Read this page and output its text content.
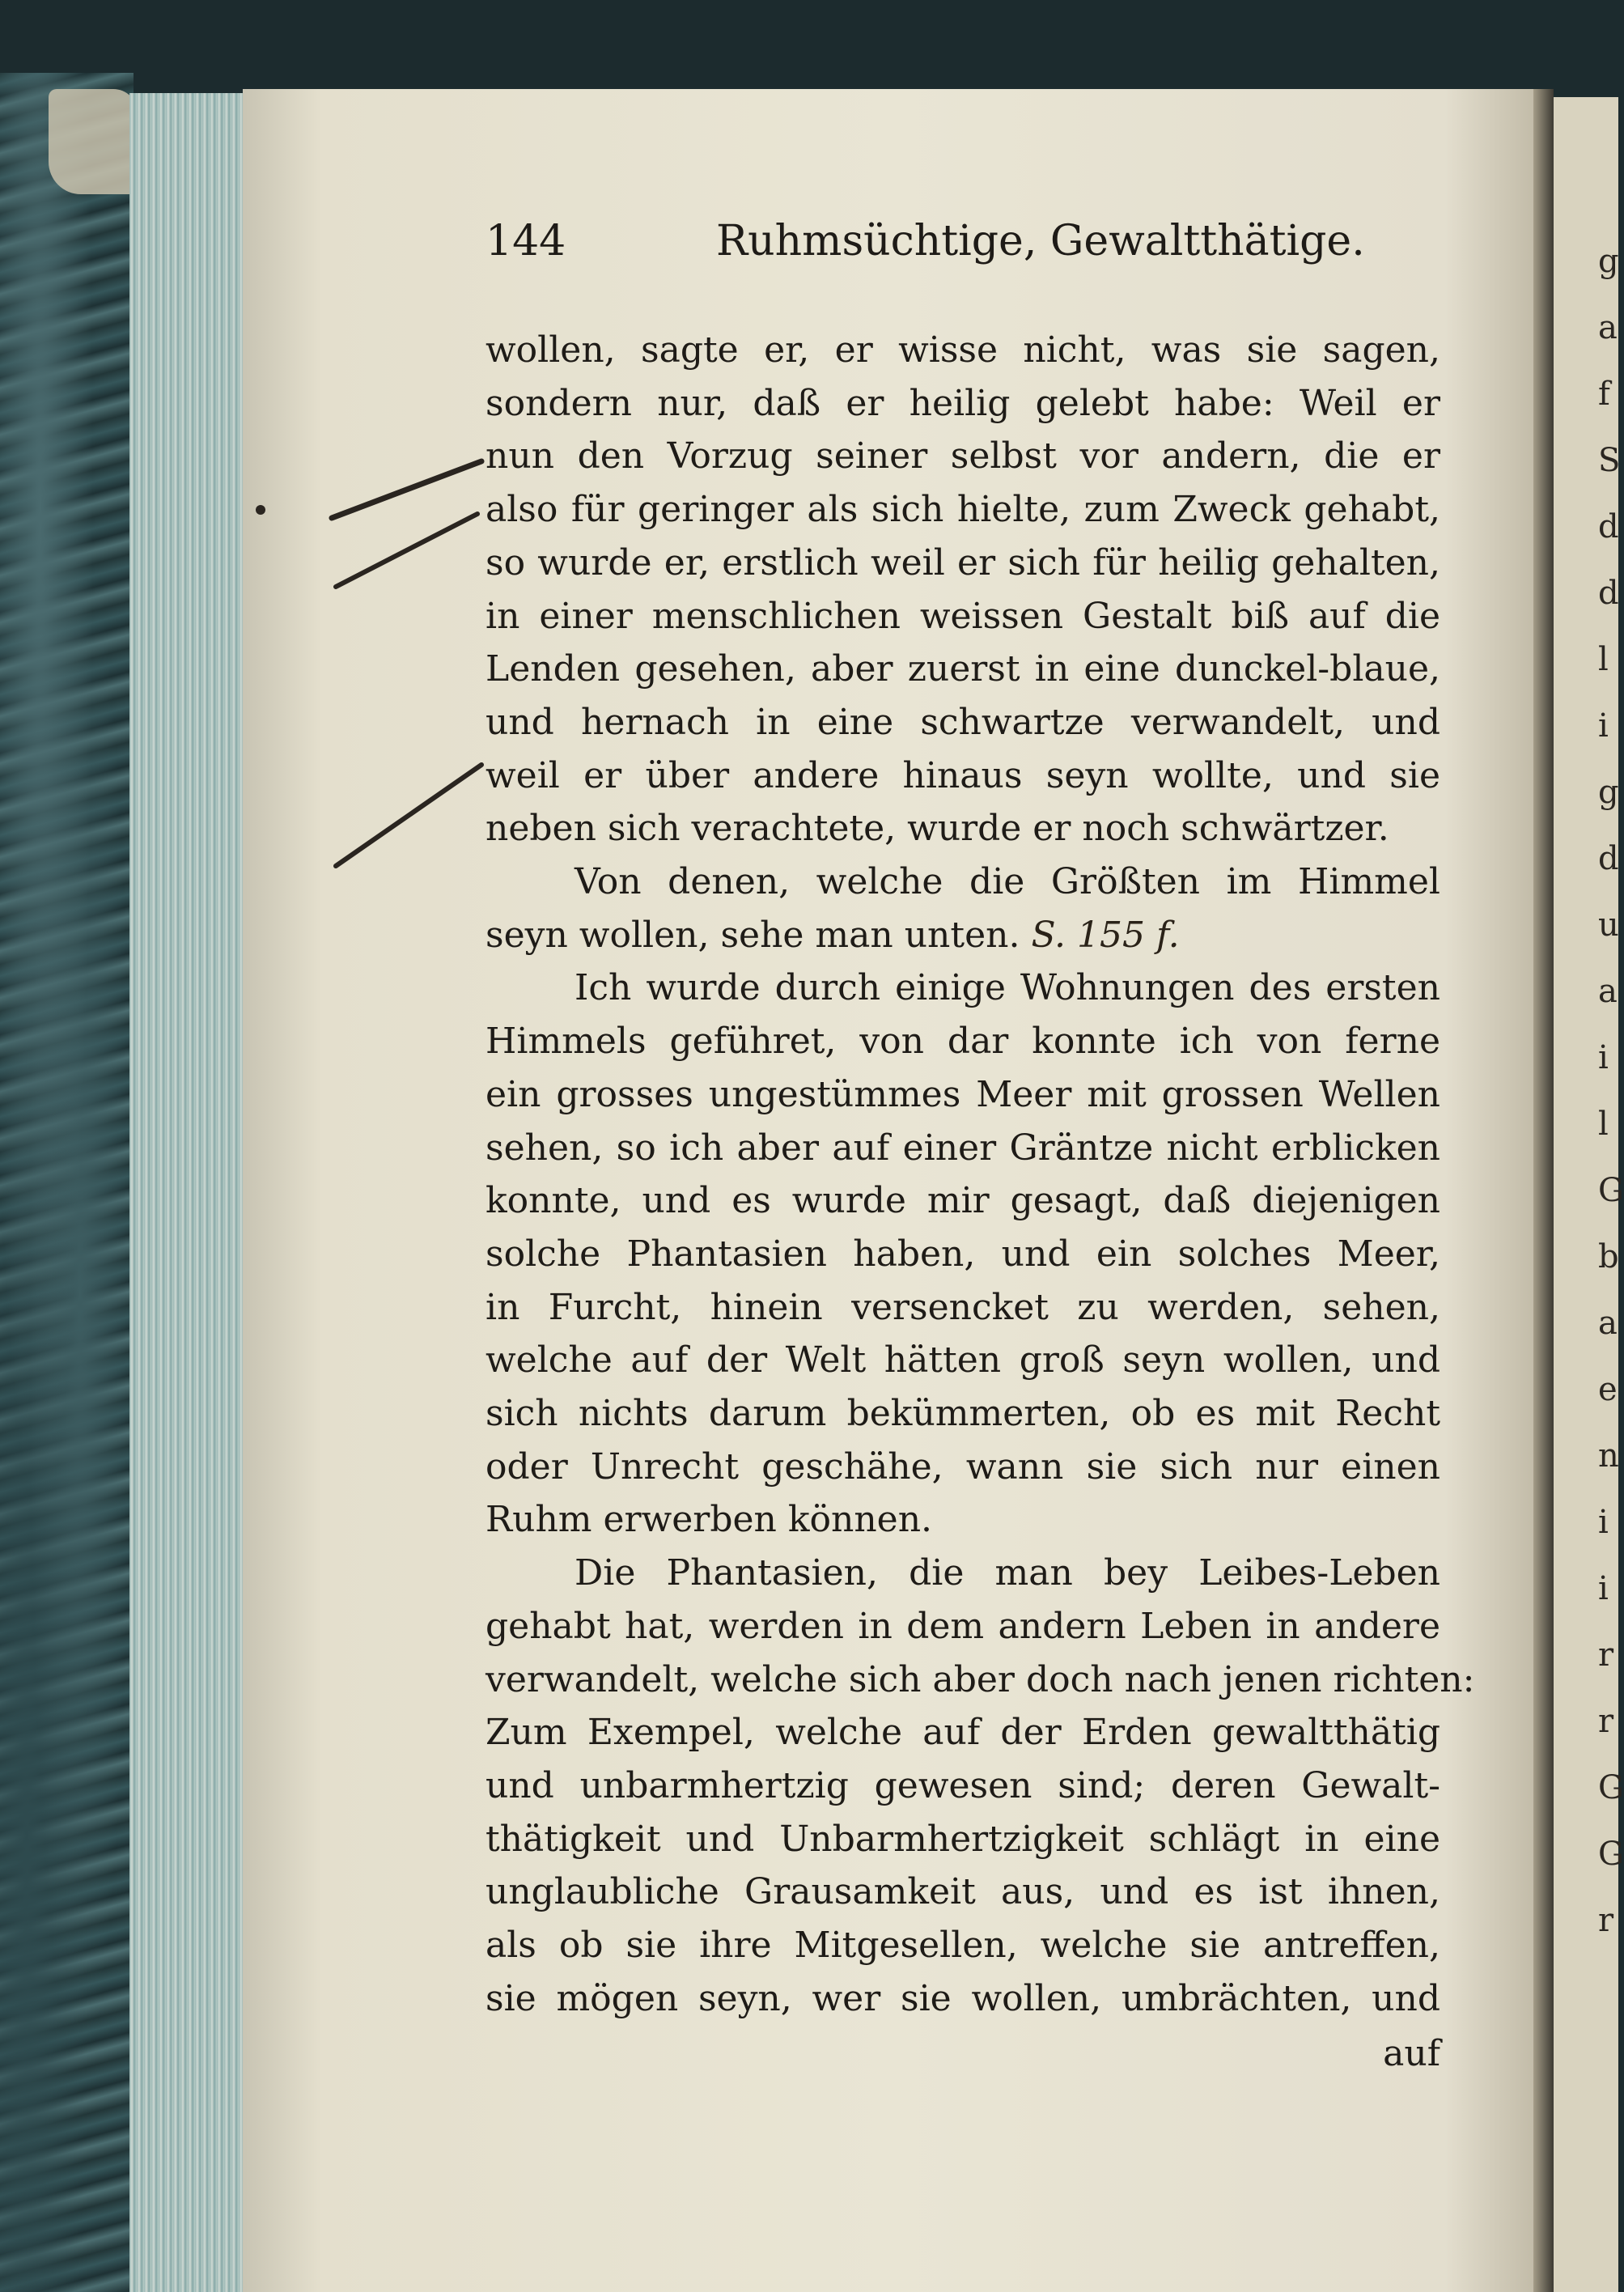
g
a
f
S
d
d
l
i
g
d
u
a
i
l
G
b
a
e
n
i
i
r
r
G
G
r
144	Ruhmsüchtige, Gewaltthätige.
wollen, sagte er, er wisse nicht, was sie sagen,
sondern nur, daß er heilig gelebt habe: Weil er
nun den Vorzug seiner selbst vor andern, die er
also für geringer als sich hielte, zum Zweck gehabt,
so wurde er, erstlich weil er sich für heilig gehalten,
in einer menschlichen weissen Gestalt biß auf die
Lenden gesehen, aber zuerst in eine dunckel-blaue,
und hernach in eine schwartze verwandelt, und
weil er über andere hinaus seyn wollte, und sie
neben sich verachtete, wurde er noch schwärtzer.
Von denen, welche die Größten im Himmel
seyn wollen, sehe man unten. S. 155 f.
Ich wurde durch einige Wohnungen des ersten
Himmels geführet, von dar konnte ich von ferne
ein grosses ungestümmes Meer mit grossen Wellen
sehen, so ich aber auf einer Gräntze nicht erblicken
konnte, und es wurde mir gesagt, daß diejenigen
solche Phantasien haben, und ein solches Meer,
in Furcht, hinein versencket zu werden, sehen,
welche auf der Welt hätten groß seyn wollen, und
sich nichts darum bekümmerten, ob es mit Recht
oder Unrecht geschähe, wann sie sich nur einen
Ruhm erwerben können.
Die Phantasien, die man bey Leibes-Leben
gehabt hat, werden in dem andern Leben in andere
verwandelt, welche sich aber doch nach jenen richten:
Zum Exempel, welche auf der Erden gewaltthätig
und unbarmhertzig gewesen sind; deren Gewalt-
thätigkeit und Unbarmhertzigkeit schlägt in eine
unglaubliche Grausamkeit aus, und es ist ihnen,
als ob sie ihre Mitgesellen, welche sie antreffen,
sie mögen seyn, wer sie wollen, umbrächten, und
auf
